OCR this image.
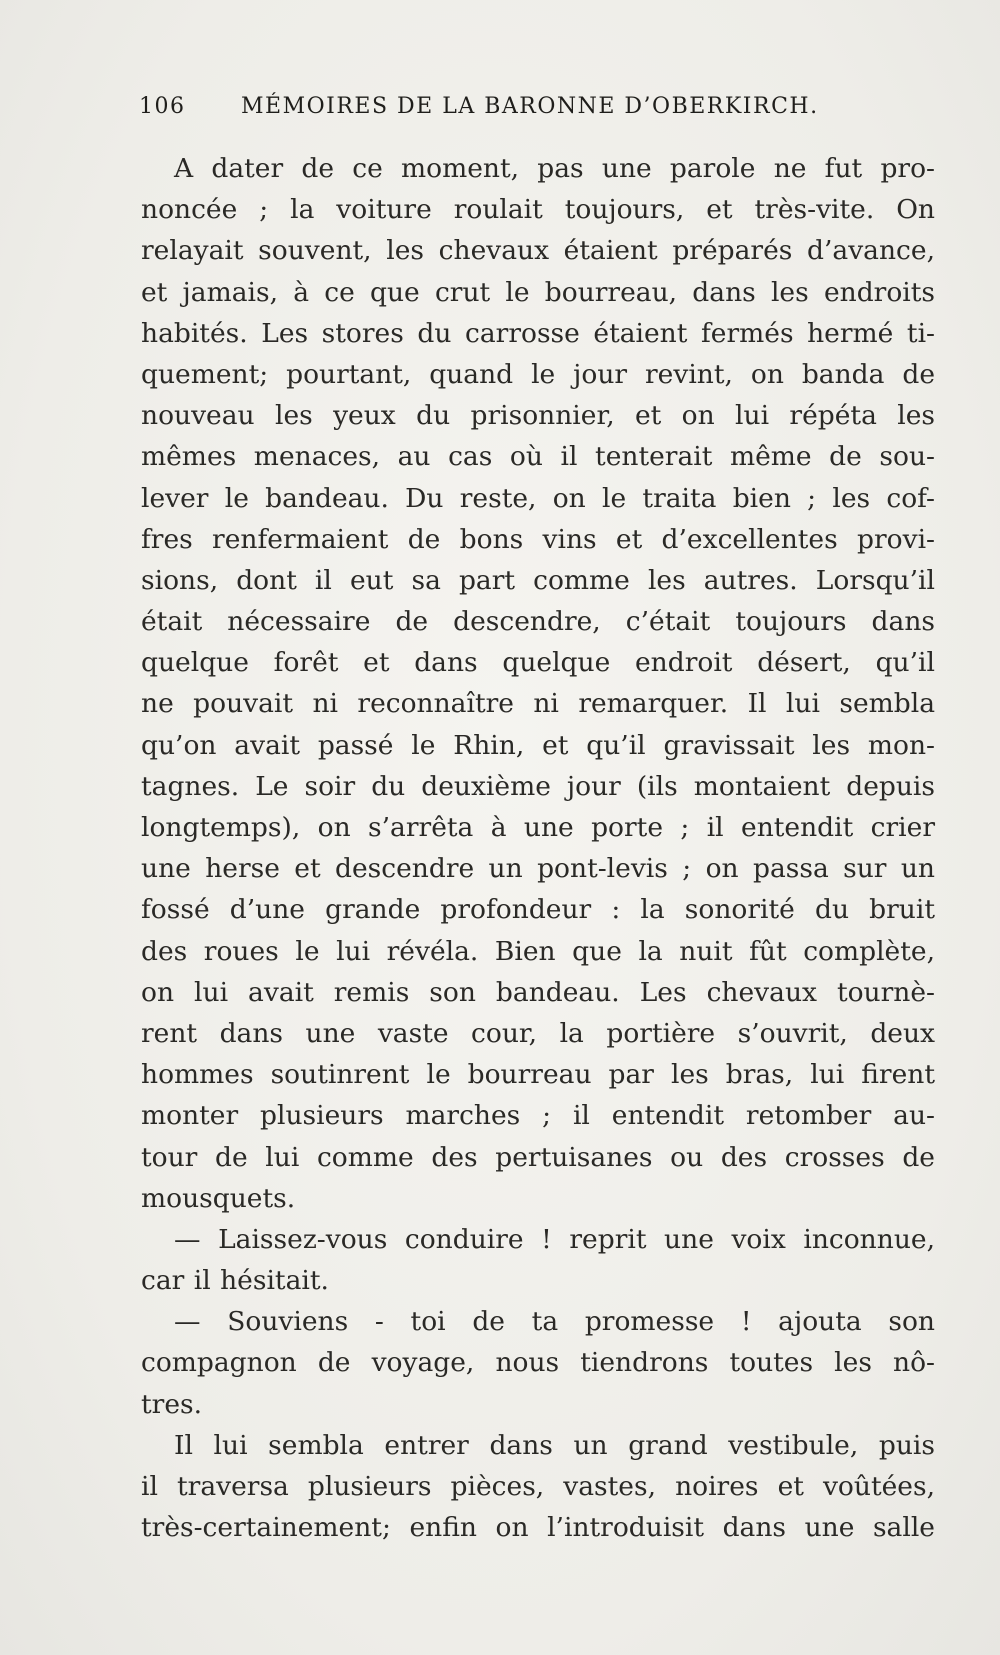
106	MÉMOIRES DE LA BARONNE D’OBERKIRCH.
A dater de ce moment, pas une parole ne fut pro-
noncée ; la voiture roulait toujours, et très-vite. On
relayait souvent, les chevaux étaient préparés d’avance,
et jamais, à ce que crut le bourreau, dans les endroits
habités. Les stores du carrosse étaient fermés hermé ti-
quement; pourtant, quand le jour revint, on banda de
nouveau les yeux du prisonnier, et on lui répéta les
mêmes menaces, au cas où il tenterait même de sou-
lever le bandeau. Du reste, on le traita bien ; les cof-
fres renfermaient de bons vins et d’excellentes provi-
sions, dont il eut sa part comme les autres. Lorsqu’il
était nécessaire de descendre, c’était toujours dans
quelque forêt et dans quelque endroit désert, qu’il
ne pouvait ni reconnaître ni remarquer. Il lui sembla
qu’on avait passé le Rhin, et qu’il gravissait les mon-
tagnes. Le soir du deuxième jour (ils montaient depuis
longtemps), on s’arrêta à une porte ; il entendit crier
une herse et descendre un pont-levis ; on passa sur un
fossé d’une grande profondeur : la sonorité du bruit
des roues le lui révéla. Bien que la nuit fût complète,
on lui avait remis son bandeau. Les chevaux tournè-
rent dans une vaste cour, la portière s’ouvrit, deux
hommes soutinrent le bourreau par les bras, lui firent
monter plusieurs marches ; il entendit retomber au-
tour de lui comme des pertuisanes ou des crosses de
mousquets.
— Laissez-vous conduire ! reprit une voix inconnue,
car il hésitait.
— Souviens - toi de ta promesse ! ajouta son
compagnon de voyage, nous tiendrons toutes les nô-
tres.
Il lui sembla entrer dans un grand vestibule, puis
il traversa plusieurs pièces, vastes, noires et voûtées,
très-certainement; enfin on l’introduisit dans une salle
